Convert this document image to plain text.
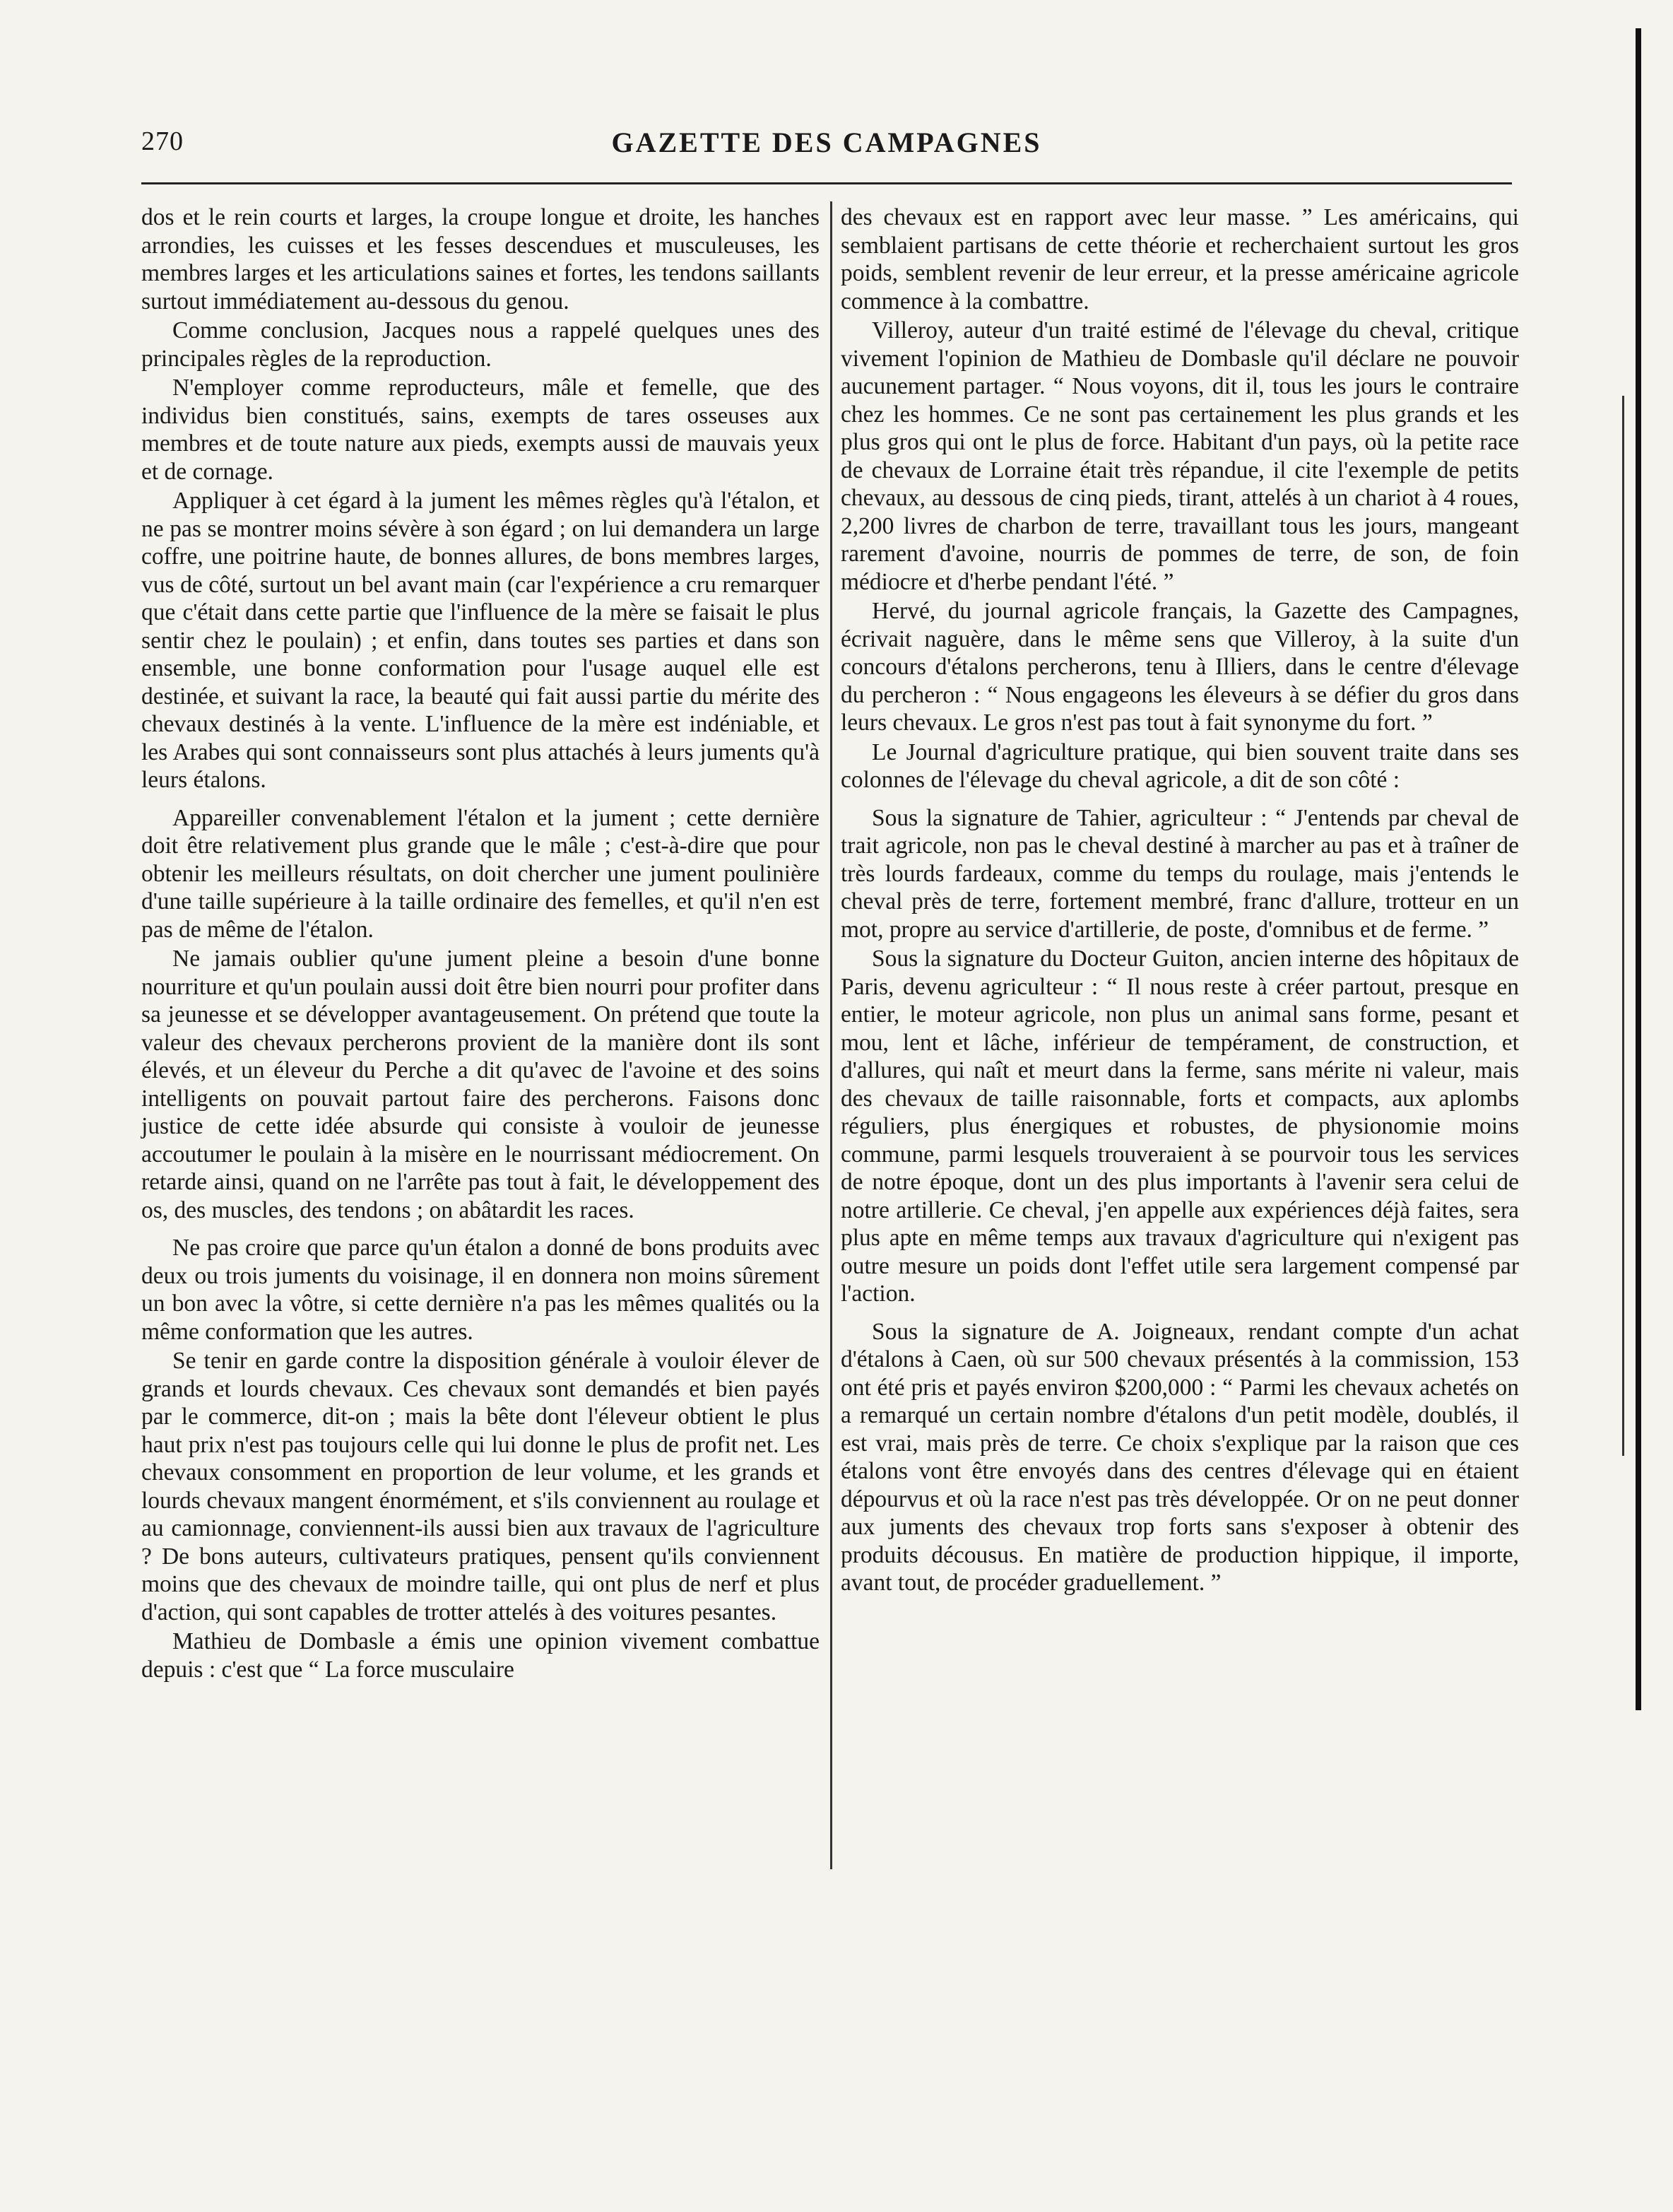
270	GAZETTE DES CAMPAGNES

dos et le rein courts et larges, la croupe longue et droite, les hanches arrondies, les cuisses et les fesses descendues et musculeuses, les membres larges et les articulations saines et fortes, les tendons saillants surtout immédiatement au-dessous du genou.

Comme conclusion, Jacques nous a rappelé quelques unes des principales règles de la reproduction.

N'employer comme reproducteurs, mâle et femelle, que des individus bien constitués, sains, exempts de tares osseuses aux membres et de toute nature aux pieds, exempts aussi de mauvais yeux et de cornage.

Appliquer à cet égard à la jument les mêmes règles qu'à l'étalon, et ne pas se montrer moins sévère à son égard ; on lui demandera un large coffre, une poitrine haute, de bonnes allures, de bons membres larges, vus de côté, surtout un bel avant main (car l'expérience a cru remarquer que c'était dans cette partie que l'influence de la mère se faisait le plus sentir chez le poulain) ; et enfin, dans toutes ses parties et dans son ensemble, une bonne conformation pour l'usage auquel elle est destinée, et suivant la race, la beauté qui fait aussi partie du mérite des chevaux destinés à la vente. L'influence de la mère est indéniable, et les Arabes qui sont connaisseurs sont plus attachés à leurs juments qu'à leurs étalons.

Appareiller convenablement l'étalon et la jument ; cette dernière doit être relativement plus grande que le mâle ; c'est-à-dire que pour obtenir les meilleurs résultats, on doit chercher une jument poulinière d'une taille supérieure à la taille ordinaire des femelles, et qu'il n'en est pas de même de l'étalon.

Ne jamais oublier qu'une jument pleine a besoin d'une bonne nourriture et qu'un poulain aussi doit être bien nourri pour profiter dans sa jeunesse et se développer avantageusement. On prétend que toute la valeur des chevaux percherons provient de la manière dont ils sont élevés, et un éleveur du Perche a dit qu'avec de l'avoine et des soins intelligents on pouvait partout faire des percherons. Faisons donc justice de cette idée absurde qui consiste à vouloir de jeunesse accoutumer le poulain à la misère en le nourrissant médiocrement. On retarde ainsi, quand on ne l'arrête pas tout à fait, le développement des os, des muscles, des tendons ; on abâtardit les races.

Ne pas croire que parce qu'un étalon a donné de bons produits avec deux ou trois juments du voisinage, il en donnera non moins sûrement un bon avec la vôtre, si cette dernière n'a pas les mêmes qualités ou la même conformation que les autres.

Se tenir en garde contre la disposition générale à vouloir élever de grands et lourds chevaux. Ces chevaux sont demandés et bien payés par le commerce, dit-on ; mais la bête dont l'éleveur obtient le plus haut prix n'est pas toujours celle qui lui donne le plus de profit net. Les chevaux consomment en proportion de leur volume, et les grands et lourds chevaux mangent énormément, et s'ils conviennent au roulage et au camionnage, conviennent-ils aussi bien aux travaux de l'agriculture ? De bons auteurs, cultivateurs pratiques, pensent qu'ils conviennent moins que des chevaux de moindre taille, qui ont plus de nerf et plus d'action, qui sont capables de trotter attelés à des voitures pesantes.

Mathieu de Dombasle a émis une opinion vivement combattue depuis : c'est que “ La force musculaire

des chevaux est en rapport avec leur masse. ” Les américains, qui semblaient partisans de cette théorie et recherchaient surtout les gros poids, semblent revenir de leur erreur, et la presse américaine agricole commence à la combattre.

Villeroy, auteur d'un traité estimé de l'élevage du cheval, critique vivement l'opinion de Mathieu de Dombasle qu'il déclare ne pouvoir aucunement partager. “ Nous voyons, dit il, tous les jours le contraire chez les hommes. Ce ne sont pas certainement les plus grands et les plus gros qui ont le plus de force. Habitant d'un pays, où la petite race de chevaux de Lorraine était très répandue, il cite l'exemple de petits chevaux, au dessous de cinq pieds, tirant, attelés à un chariot à 4 roues, 2,200 livres de charbon de terre, travaillant tous les jours, mangeant rarement d'avoine, nourris de pommes de terre, de son, de foin médiocre et d'herbe pendant l'été. ”

Hervé, du journal agricole français, la Gazette des Campagnes, écrivait naguère, dans le même sens que Villeroy, à la suite d'un concours d'étalons percherons, tenu à Illiers, dans le centre d'élevage du percheron : “ Nous engageons les éleveurs à se défier du gros dans leurs chevaux. Le gros n'est pas tout à fait synonyme du fort. ”

Le Journal d'agriculture pratique, qui bien souvent traite dans ses colonnes de l'élevage du cheval agricole, a dit de son côté :

Sous la signature de Tahier, agriculteur : “ J'entends par cheval de trait agricole, non pas le cheval destiné à marcher au pas et à traîner de très lourds fardeaux, comme du temps du roulage, mais j'entends le cheval près de terre, fortement membré, franc d'allure, trotteur en un mot, propre au service d'artillerie, de poste, d'omnibus et de ferme. ”

Sous la signature du Docteur Guiton, ancien interne des hôpitaux de Paris, devenu agriculteur : “ Il nous reste à créer partout, presque en entier, le moteur agricole, non plus un animal sans forme, pesant et mou, lent et lâche, inférieur de tempérament, de construction, et d'allures, qui naît et meurt dans la ferme, sans mérite ni valeur, mais des chevaux de taille raisonnable, forts et compacts, aux aplombs réguliers, plus énergiques et robustes, de physionomie moins commune, parmi lesquels trouveraient à se pourvoir tous les services de notre époque, dont un des plus importants à l'avenir sera celui de notre artillerie. Ce cheval, j'en appelle aux expériences déjà faites, sera plus apte en même temps aux travaux d'agriculture qui n'exigent pas outre mesure un poids dont l'effet utile sera largement compensé par l'action.

Sous la signature de A. Joigneaux, rendant compte d'un achat d'étalons à Caen, où sur 500 chevaux présentés à la commission, 153 ont été pris et payés environ $200,000 : “ Parmi les chevaux achetés on a remarqué un certain nombre d'étalons d'un petit modèle, doublés, il est vrai, mais près de terre. Ce choix s'explique par la raison que ces étalons vont être envoyés dans des centres d'élevage qui en étaient dépourvus et où la race n'est pas très développée. Or on ne peut donner aux juments des chevaux trop forts sans s'exposer à obtenir des produits décousus. En matière de production hippique, il importe, avant tout, de procéder graduellement. ”
